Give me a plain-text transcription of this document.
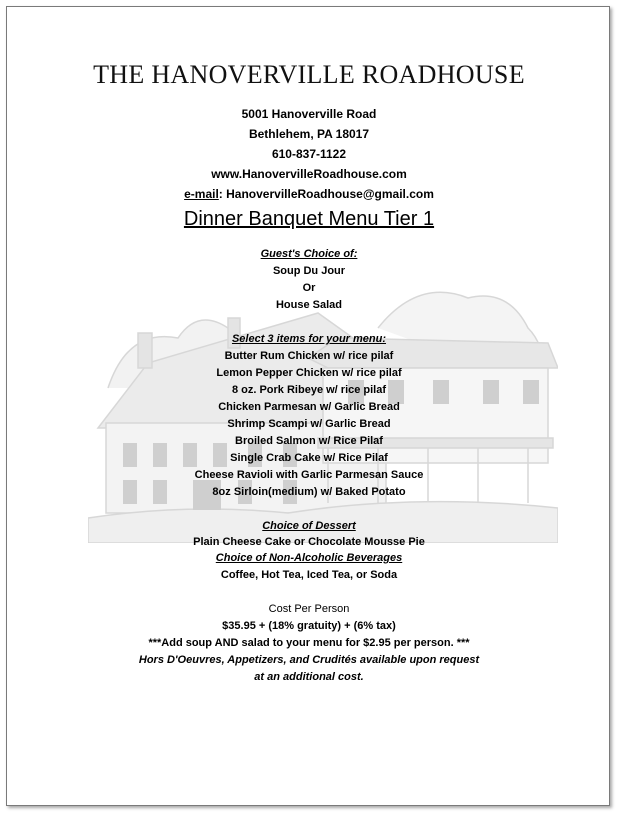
THE HANOVERVILLE ROADHOUSE
5001 Hanoverville Road
Bethlehem, PA 18017
610-837-1122
www.HanovervilleRoadhouse.com
e-mail: HanovervilleRoadhouse@gmail.com
Dinner Banquet Menu Tier 1
Guest's Choice of:
Soup Du Jour
Or
House Salad
Select 3 items for your menu:
Butter Rum Chicken w/ rice pilaf
Lemon Pepper Chicken w/ rice pilaf
8 oz. Pork Ribeye w/ rice pilaf
Chicken Parmesan w/ Garlic Bread
Shrimp Scampi w/ Garlic Bread
Broiled Salmon w/ Rice Pilaf
Single Crab Cake w/ Rice Pilaf
Cheese Ravioli with Garlic Parmesan Sauce
8oz Sirloin(medium) w/ Baked Potato
Choice of Dessert
Plain Cheese Cake or Chocolate Mousse Pie
Choice of Non-Alcoholic Beverages
Coffee, Hot Tea, Iced Tea, or Soda
Cost Per Person
$35.95 + (18% gratuity) + (6% tax)
***Add soup AND salad to your menu for $2.95 per person. ***
Hors D'Oeuvres, Appetizers, and Crudités available upon request
at an additional cost.
